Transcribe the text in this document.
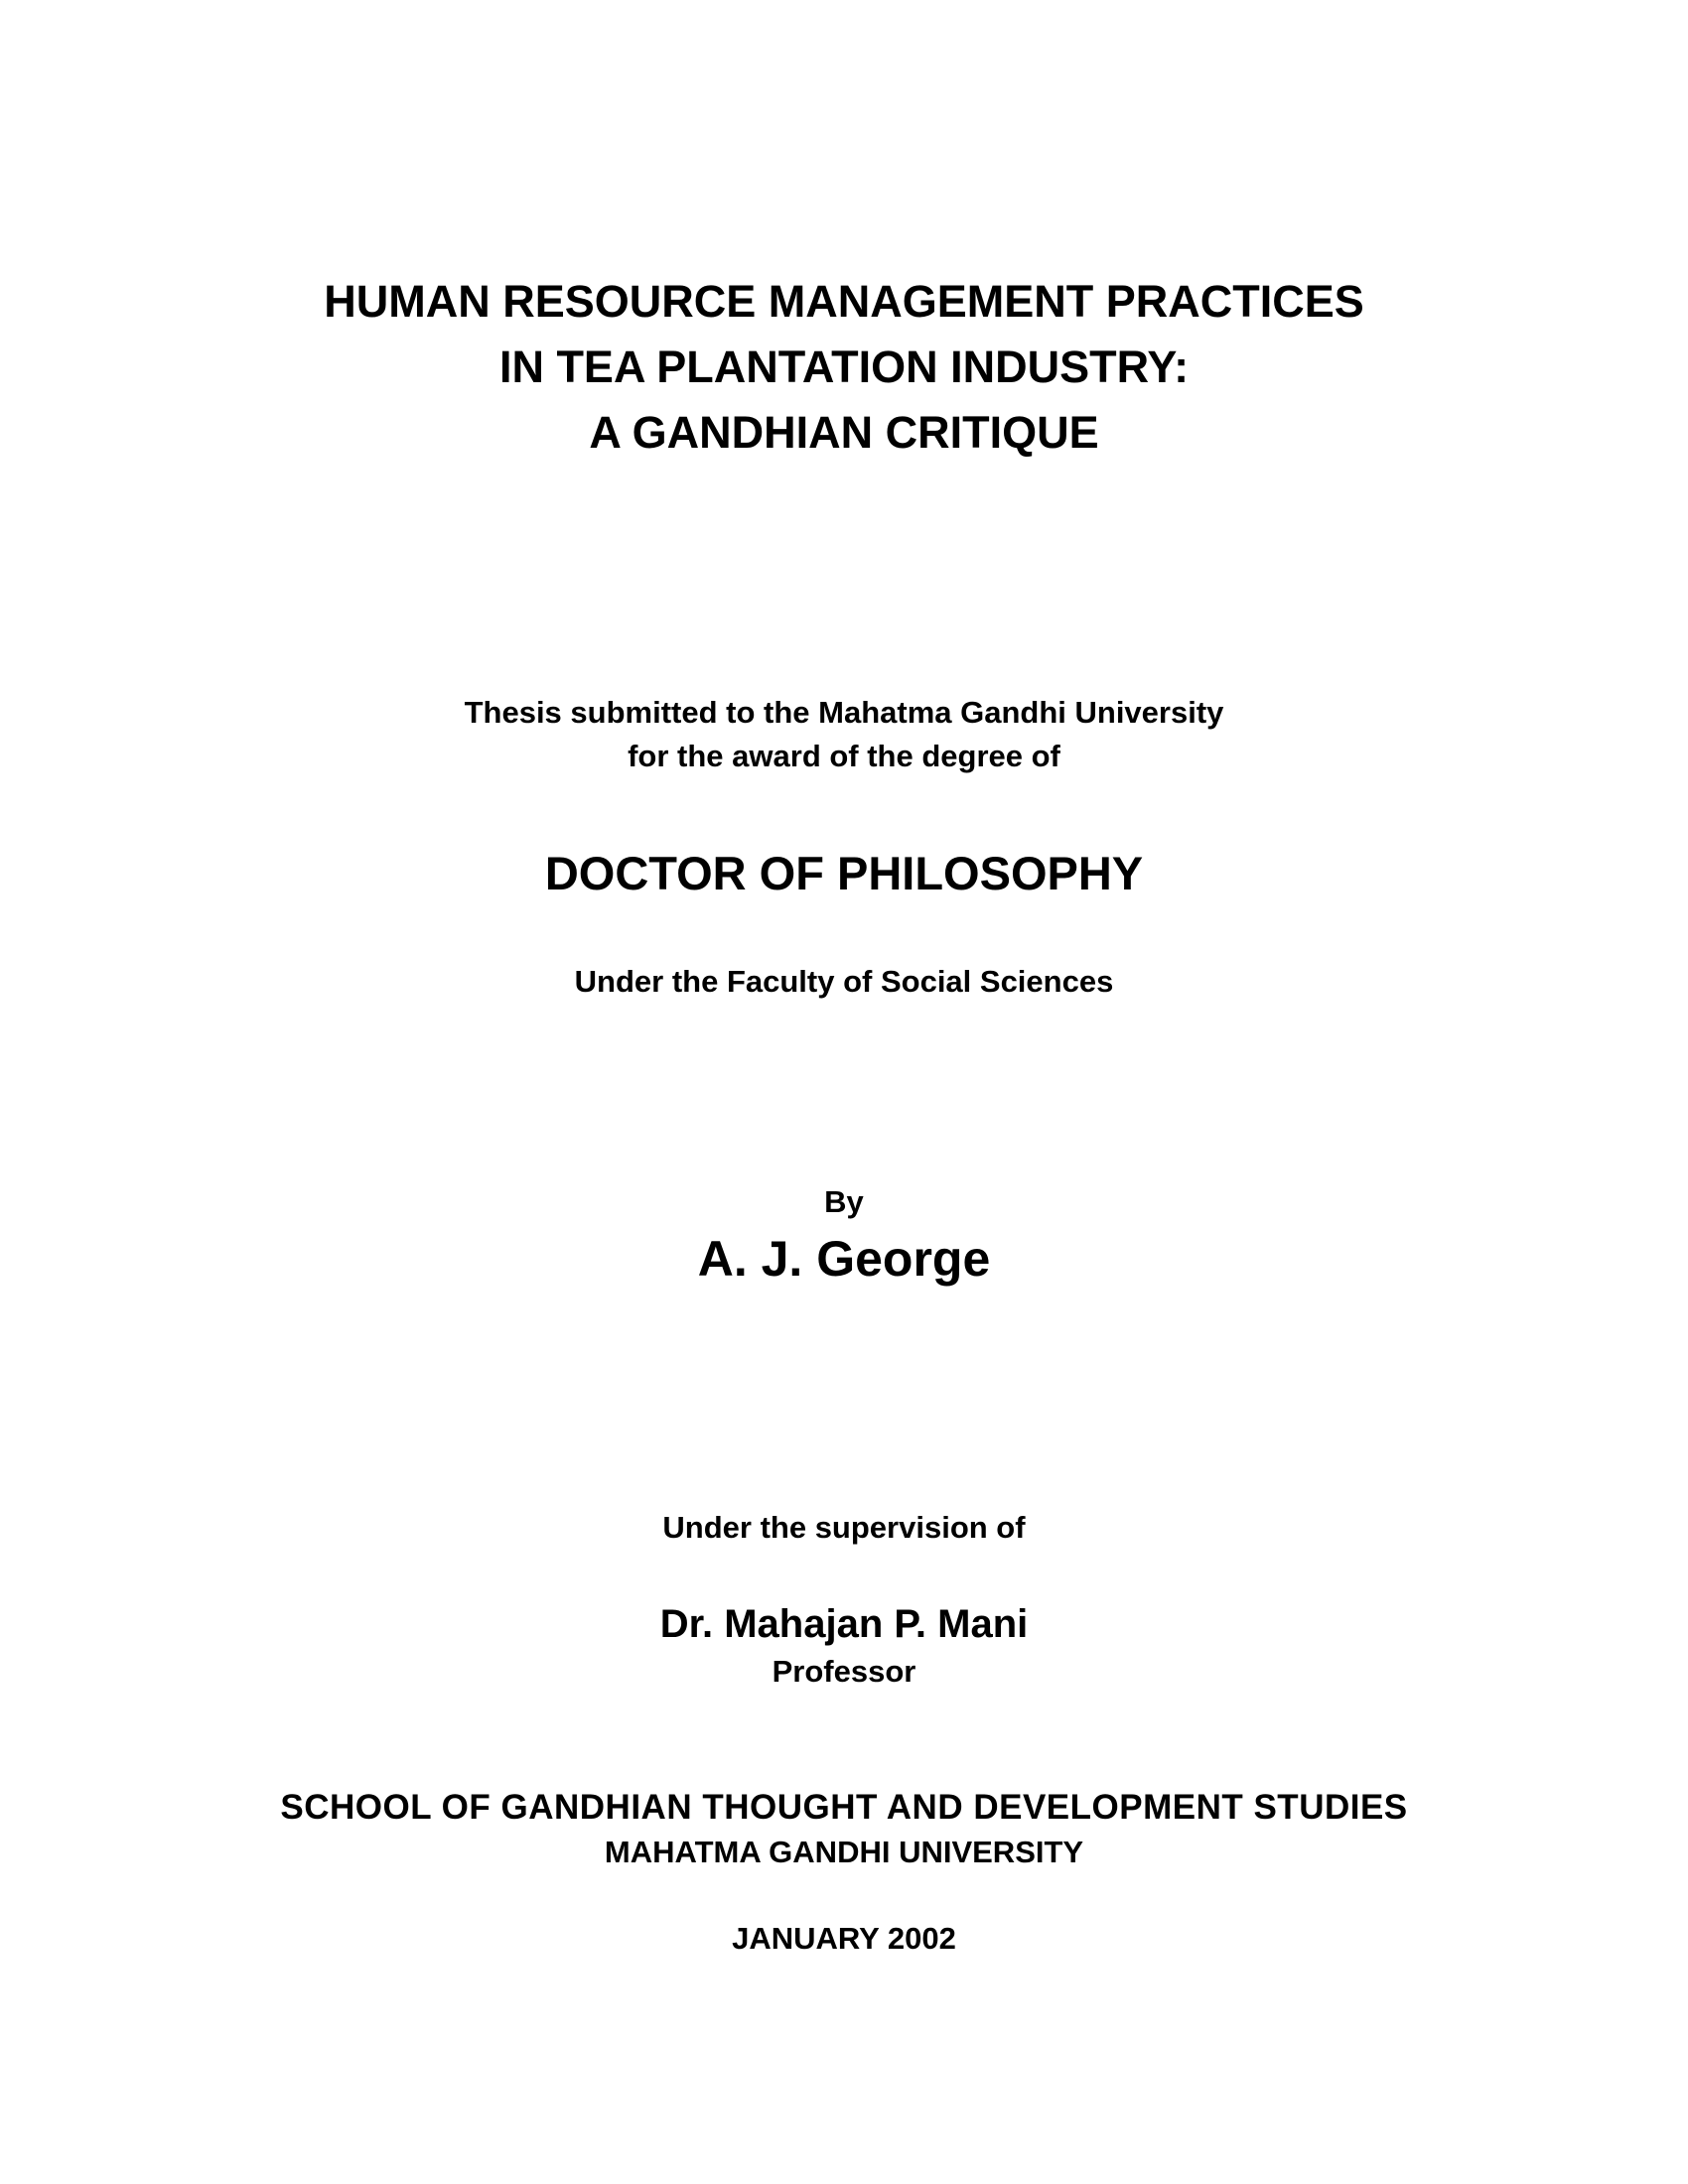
HUMAN RESOURCE MANAGEMENT PRACTICES
IN TEA PLANTATION INDUSTRY:
A GANDHIAN CRITIQUE
Thesis submitted to the Mahatma Gandhi University
for the award of the degree of
DOCTOR OF PHILOSOPHY
Under the Faculty of Social Sciences
By
A. J. George
Under the supervision of
Dr. Mahajan P. Mani
Professor
SCHOOL OF GANDHIAN THOUGHT AND DEVELOPMENT STUDIES
MAHATMA GANDHI UNIVERSITY
JANUARY 2002
